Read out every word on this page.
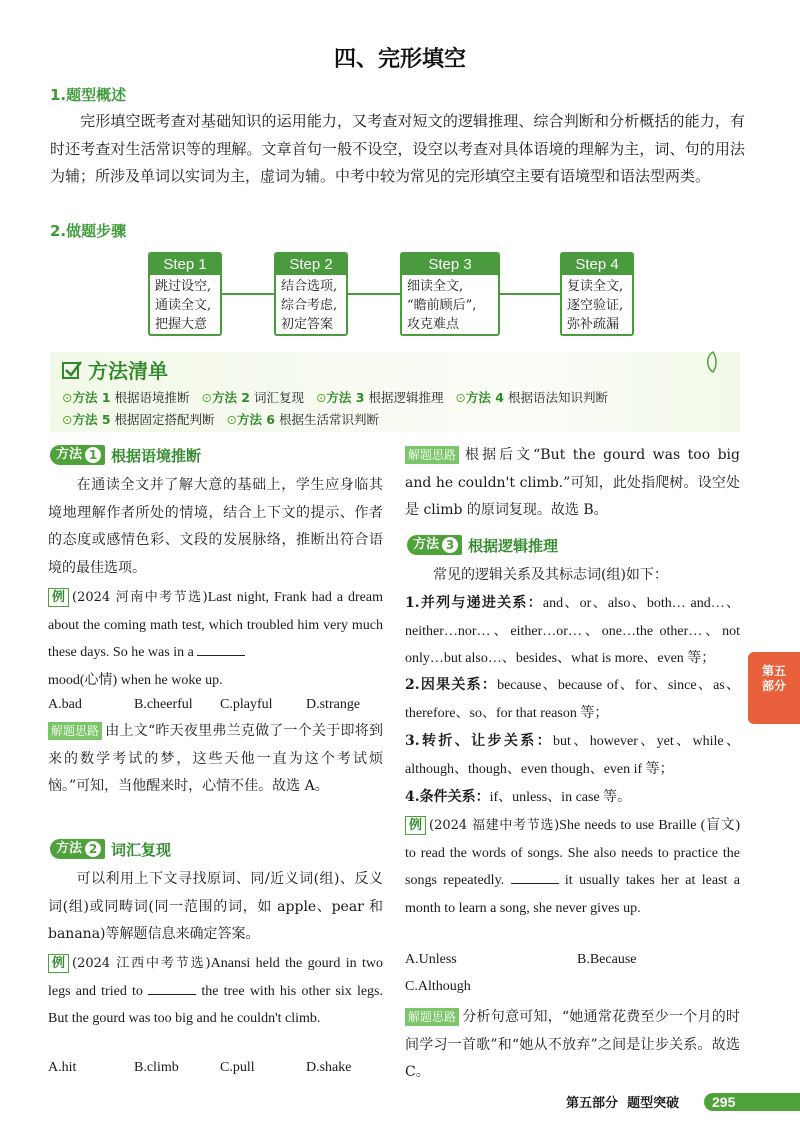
四、完形填空
1.题型概述
完形填空既考查对基础知识的运用能力，又考查对短文的逻辑推理、综合判断和分析概括的能力，有时还考查对生活常识等的理解。文章首句一般不设空，设空以考查对具体语境的理解为主，词、句的用法为辅；所涉及单词以实词为主，虚词为辅。中考中较为常见的完形填空主要有语境型和语法型两类。
2.做题步骤
Step 1
跳过设空,
通读全文,
把握大意
Step 2
结合选项,
综合考虑,
初定答案
Step 3
细读全文,
“瞻前顾后”,
攻克难点
Step 4
复读全文,
逐空验证,
弥补疏漏
方法清单
⊙方法 1 根据语境推断 ⊙方法 2 词汇复现 ⊙方法 3 根据逻辑推理 ⊙方法 4 根据语法知识判断
⊙方法 5 根据固定搭配判断 ⊙方法 6 根据生活常识判断
方法 1 根据语境推断
在通读全文并了解大意的基础上，学生应身临其境地理解作者所处的情境，结合上下文的提示、作者的态度或感情色彩、文段的发展脉络，推断出符合语境的最佳选项。
例 (2024 河南中考节选)Last night, Frank had a dream about the coming math test, which troubled him very much these days. So he was in a
mood(心情) when he woke up.
A.bad	B.cheerful C.playful D.strange
解题思路 由上文“昨天夜里弗兰克做了一个关于即将到来的数学考试的梦，这些天他一直为这个考试烦恼。”可知，当他醒来时，心情不佳。故选 A。
方法 2 词汇复现
可以利用上下文寻找原词、同/近义词(组)、反义词(组)或同畴词(同一范围的词，如 apple、pear 和 banana)等解题信息来确定答案。
例 (2024 江西中考节选)Anansi held the gourd in two legs and tried to	the tree with his other six legs. But the gourd was too big and he couldn't climb.
A.hit	B.climb	C.pull	D.shake
解题思路 根据后文“But the gourd was too big and he couldn't climb.”可知，此处指爬树。设空处是 climb 的原词复现。故选 B。
方法 3 根据逻辑推理
常见的逻辑关系及其标志词(组)如下：
1.并列与递进关系：and、or、also、both… and…、neither…nor…、either…or…、one…the other…、not only…but also…、besides、what is more、even 等；
2.因果关系：because、because of、for、since、as、therefore、so、for that reason 等；
3.转折、让步关系：but、however、yet、while、although、though、even though、even if 等；
4.条件关系：if、unless、in case 等。
例 (2024 福建中考节选)She needs to use Braille (盲文) to read the words of songs. She also needs to practice the songs repeatedly.	it usually takes her at least a month to learn a song, she never gives up.
A.Unless	B.Because
C.Although
解题思路 分析句意可知，“她通常花费至少一个月的时间学习一首歌”和“她从不放弃”之间是让步关系。故选 C。
第五
部分
第五部分 题型突破 295
